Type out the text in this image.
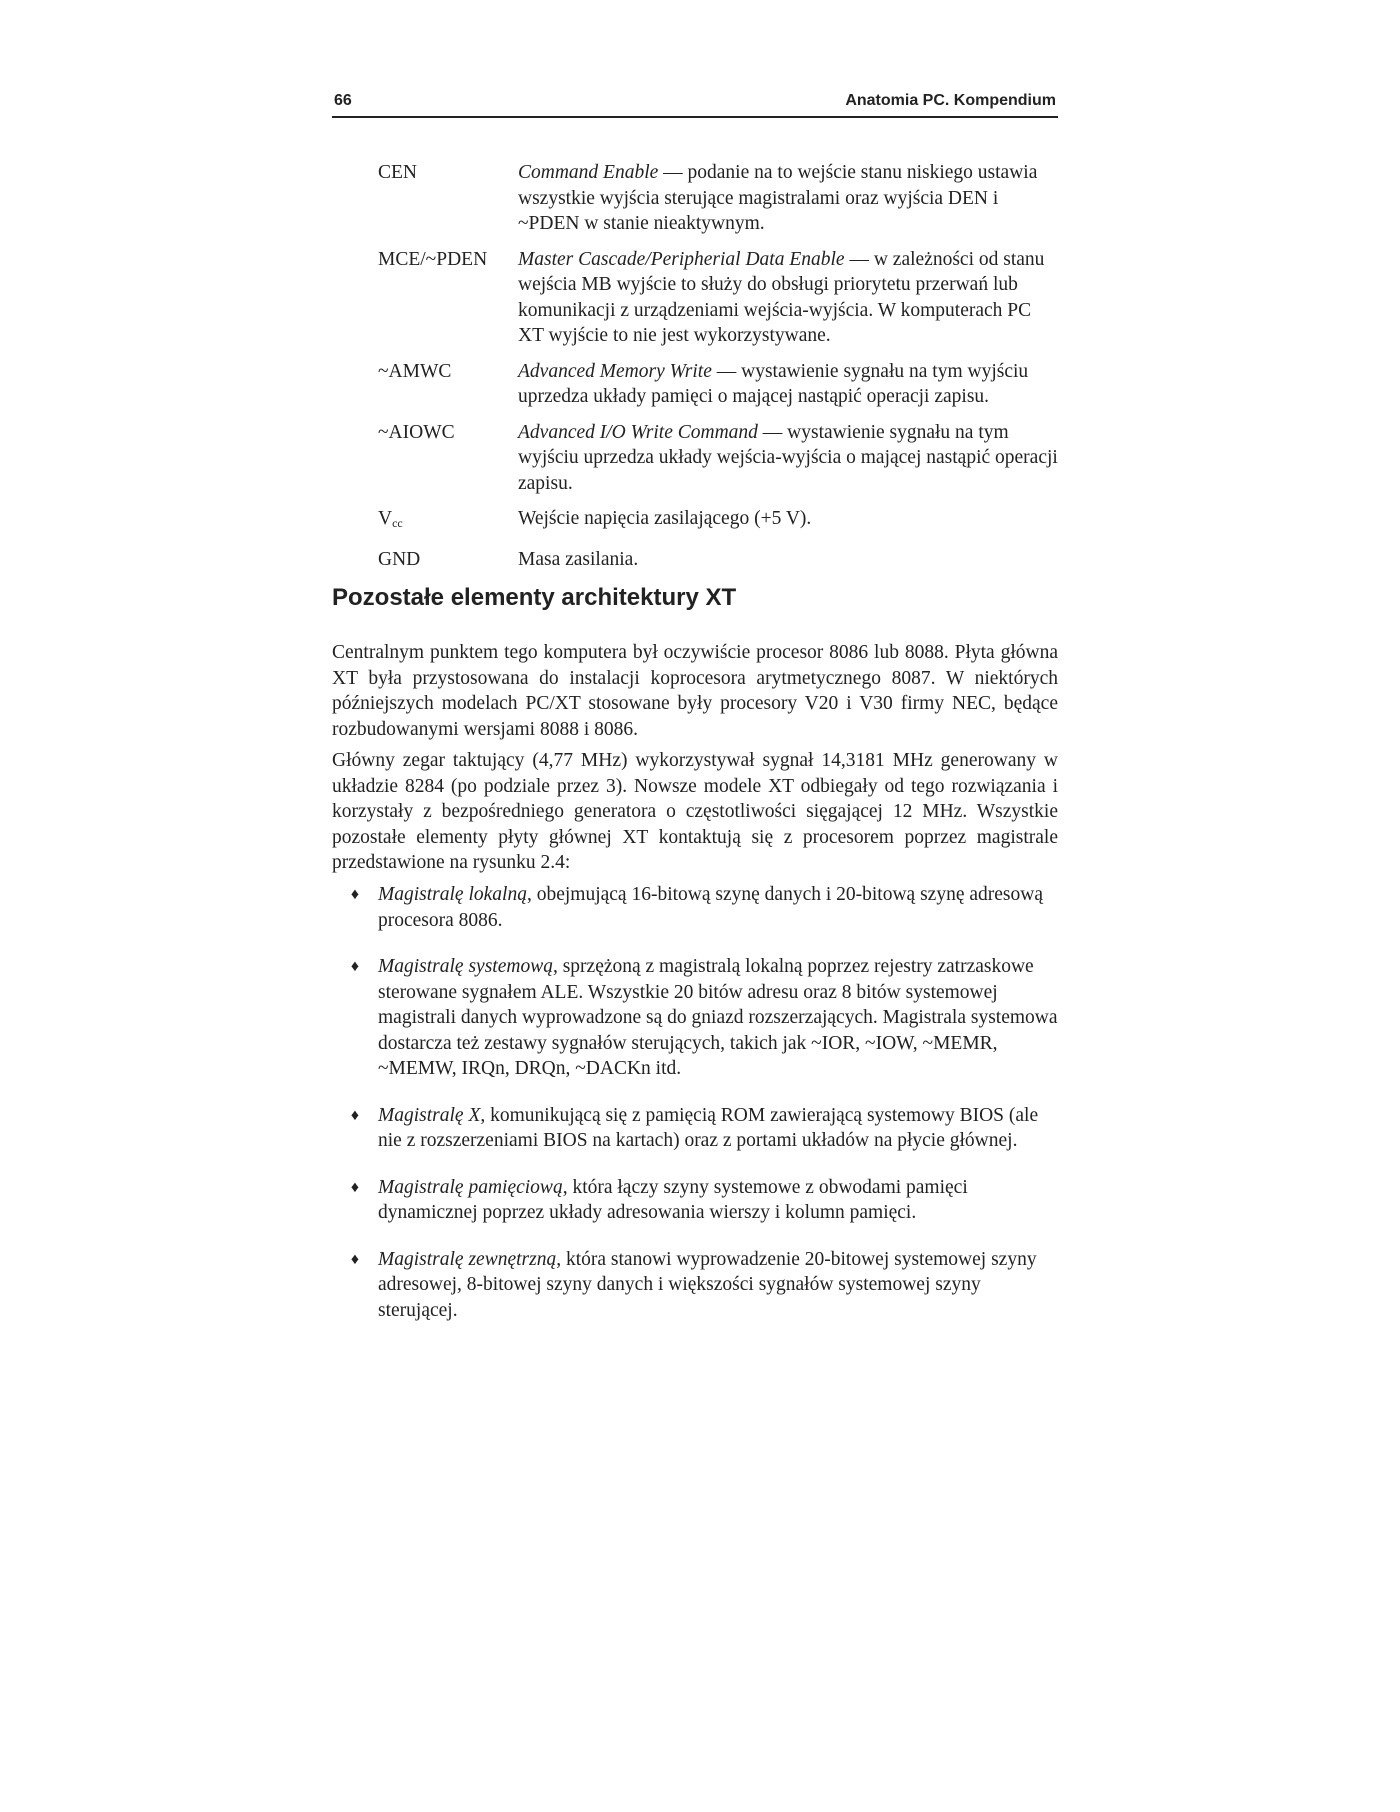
66	Anatomia PC. Kompendium
CEN	Command Enable — podanie na to wejście stanu niskiego ustawia wszystkie wyjścia sterujące magistralami oraz wyjścia DEN i ~PDEN w stanie nieaktywnym.
MCE/~PDEN	Master Cascade/Peripherial Data Enable — w zależności od stanu wejścia MB wyjście to służy do obsługi priorytetu przerwań lub komunikacji z urządzeniami wejścia-wyjścia. W komputerach PC XT wyjście to nie jest wykorzystywane.
~AMWC	Advanced Memory Write — wystawienie sygnału na tym wyjściu uprzedza układy pamięci o mającej nastąpić operacji zapisu.
~AIOWC	Advanced I/O Write Command — wystawienie sygnału na tym wyjściu uprzedza układy wejścia-wyjścia o mającej nastąpić operacji zapisu.
$V_{cc}$	Wejście napięcia zasilającego (+5 V).
GND	Masa zasilania.
Pozostałe elementy architektury XT

Centralnym punktem tego komputera był oczywiście procesor 8086 lub 8088. Płyta główna XT była przystosowana do instalacji koprocesora arytmetycznego 8087. W niektórych późniejszych modelach PC/XT stosowane były procesory V20 i V30 firmy NEC, będące rozbudowanymi wersjami 8088 i 8086.

Główny zegar taktujący (4,77 MHz) wykorzystywał sygnał 14,3181 MHz generowany w układzie 8284 (po podziale przez 3). Nowsze modele XT odbiegały od tego rozwiązania i korzystały z bezpośredniego generatora o częstotliwości sięgającej 12 MHz. Wszystkie pozostałe elementy płyty głównej XT kontaktują się z procesorem poprzez magistrale przedstawione na rysunku 2.4:

♦ Magistralę lokalną, obejmującą 16-bitową szynę danych i 20-bitową szynę adresową procesora 8086.
♦ Magistralę systemową, sprzężoną z magistralą lokalną poprzez rejestry zatrzaskowe sterowane sygnałem ALE. Wszystkie 20 bitów adresu oraz 8 bitów systemowej magistrali danych wyprowadzone są do gniazd rozszerzających. Magistrala systemowa dostarcza też zestawy sygnałów sterujących, takich jak ~IOR, ~IOW, ~MEMR, ~MEMW, IRQn, DRQn, ~DACKn itd.
♦ Magistralę X, komunikującą się z pamięcią ROM zawierającą systemowy BIOS (ale nie z rozszerzeniami BIOS na kartach) oraz z portami układów na płycie głównej.
♦ Magistralę pamięciową, która łączy szyny systemowe z obwodami pamięci dynamicznej poprzez układy adresowania wierszy i kolumn pamięci.
♦ Magistralę zewnętrzną, która stanowi wyprowadzenie 20-bitowej systemowej szyny adresowej, 8-bitowej szyny danych i większości sygnałów systemowej szyny sterującej.
